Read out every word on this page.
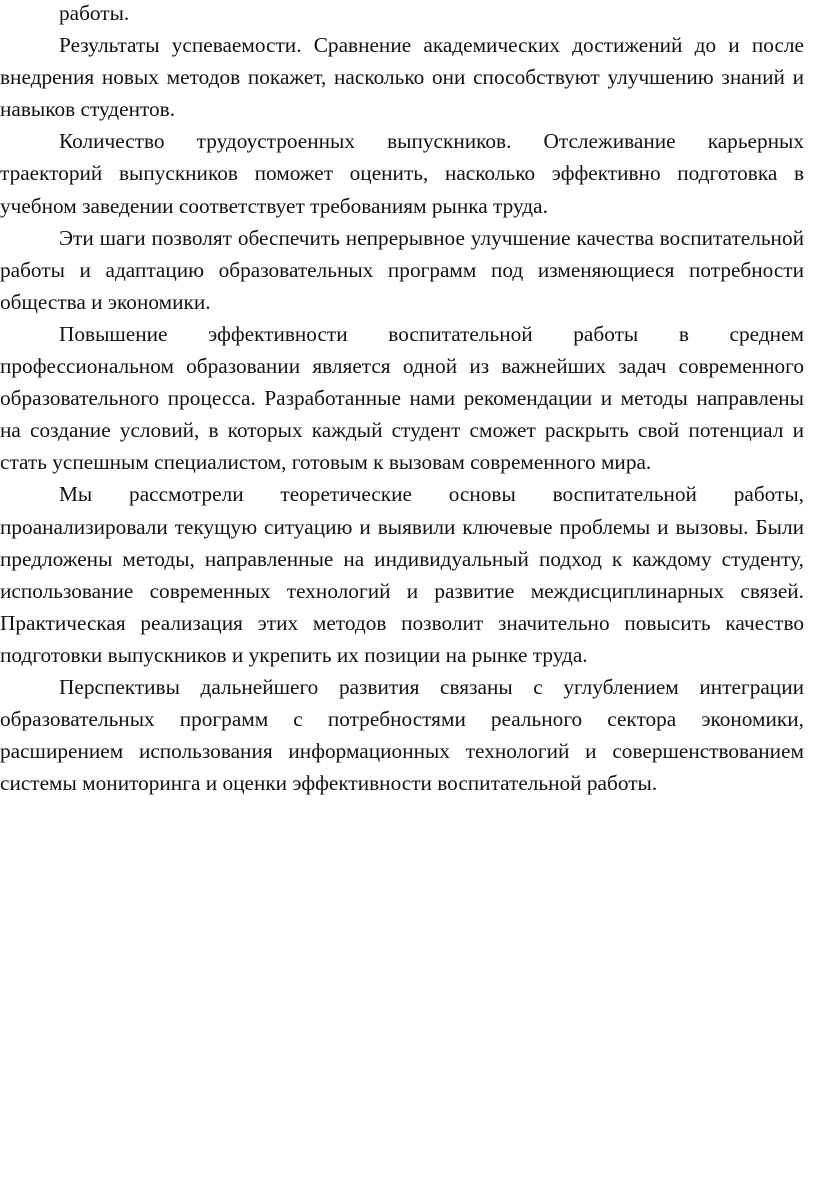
работы.

Результаты успеваемости. Сравнение академических достижений до и после внедрения новых методов покажет, насколько они способствуют улучшению знаний и навыков студентов.

Количество трудоустроенных выпускников. Отслеживание карьерных траекторий выпускников поможет оценить, насколько эффективно подготовка в учебном заведении соответствует требованиям рынка труда.

Эти шаги позволят обеспечить непрерывное улучшение качества воспитательной работы и адаптацию образовательных программ под изменяющиеся потребности общества и экономики.

Повышение эффективности воспитательной работы в среднем профессиональном образовании является одной из важнейших задач современного образовательного процесса. Разработанные нами рекомендации и методы направлены на создание условий, в которых каждый студент сможет раскрыть свой потенциал и стать успешным специалистом, готовым к вызовам современного мира.

Мы рассмотрели теоретические основы воспитательной работы, проанализировали текущую ситуацию и выявили ключевые проблемы и вызовы. Были предложены методы, направленные на индивидуальный подход к каждому студенту, использование современных технологий и развитие междисциплинарных связей. Практическая реализация этих методов позволит значительно повысить качество подготовки выпускников и укрепить их позиции на рынке труда.

Перспективы дальнейшего развития связаны с углублением интеграции образовательных программ с потребностями реального сектора экономики, расширением использования информационных технологий и совершенствованием системы мониторинга и оценки эффективности воспитательной работы.
